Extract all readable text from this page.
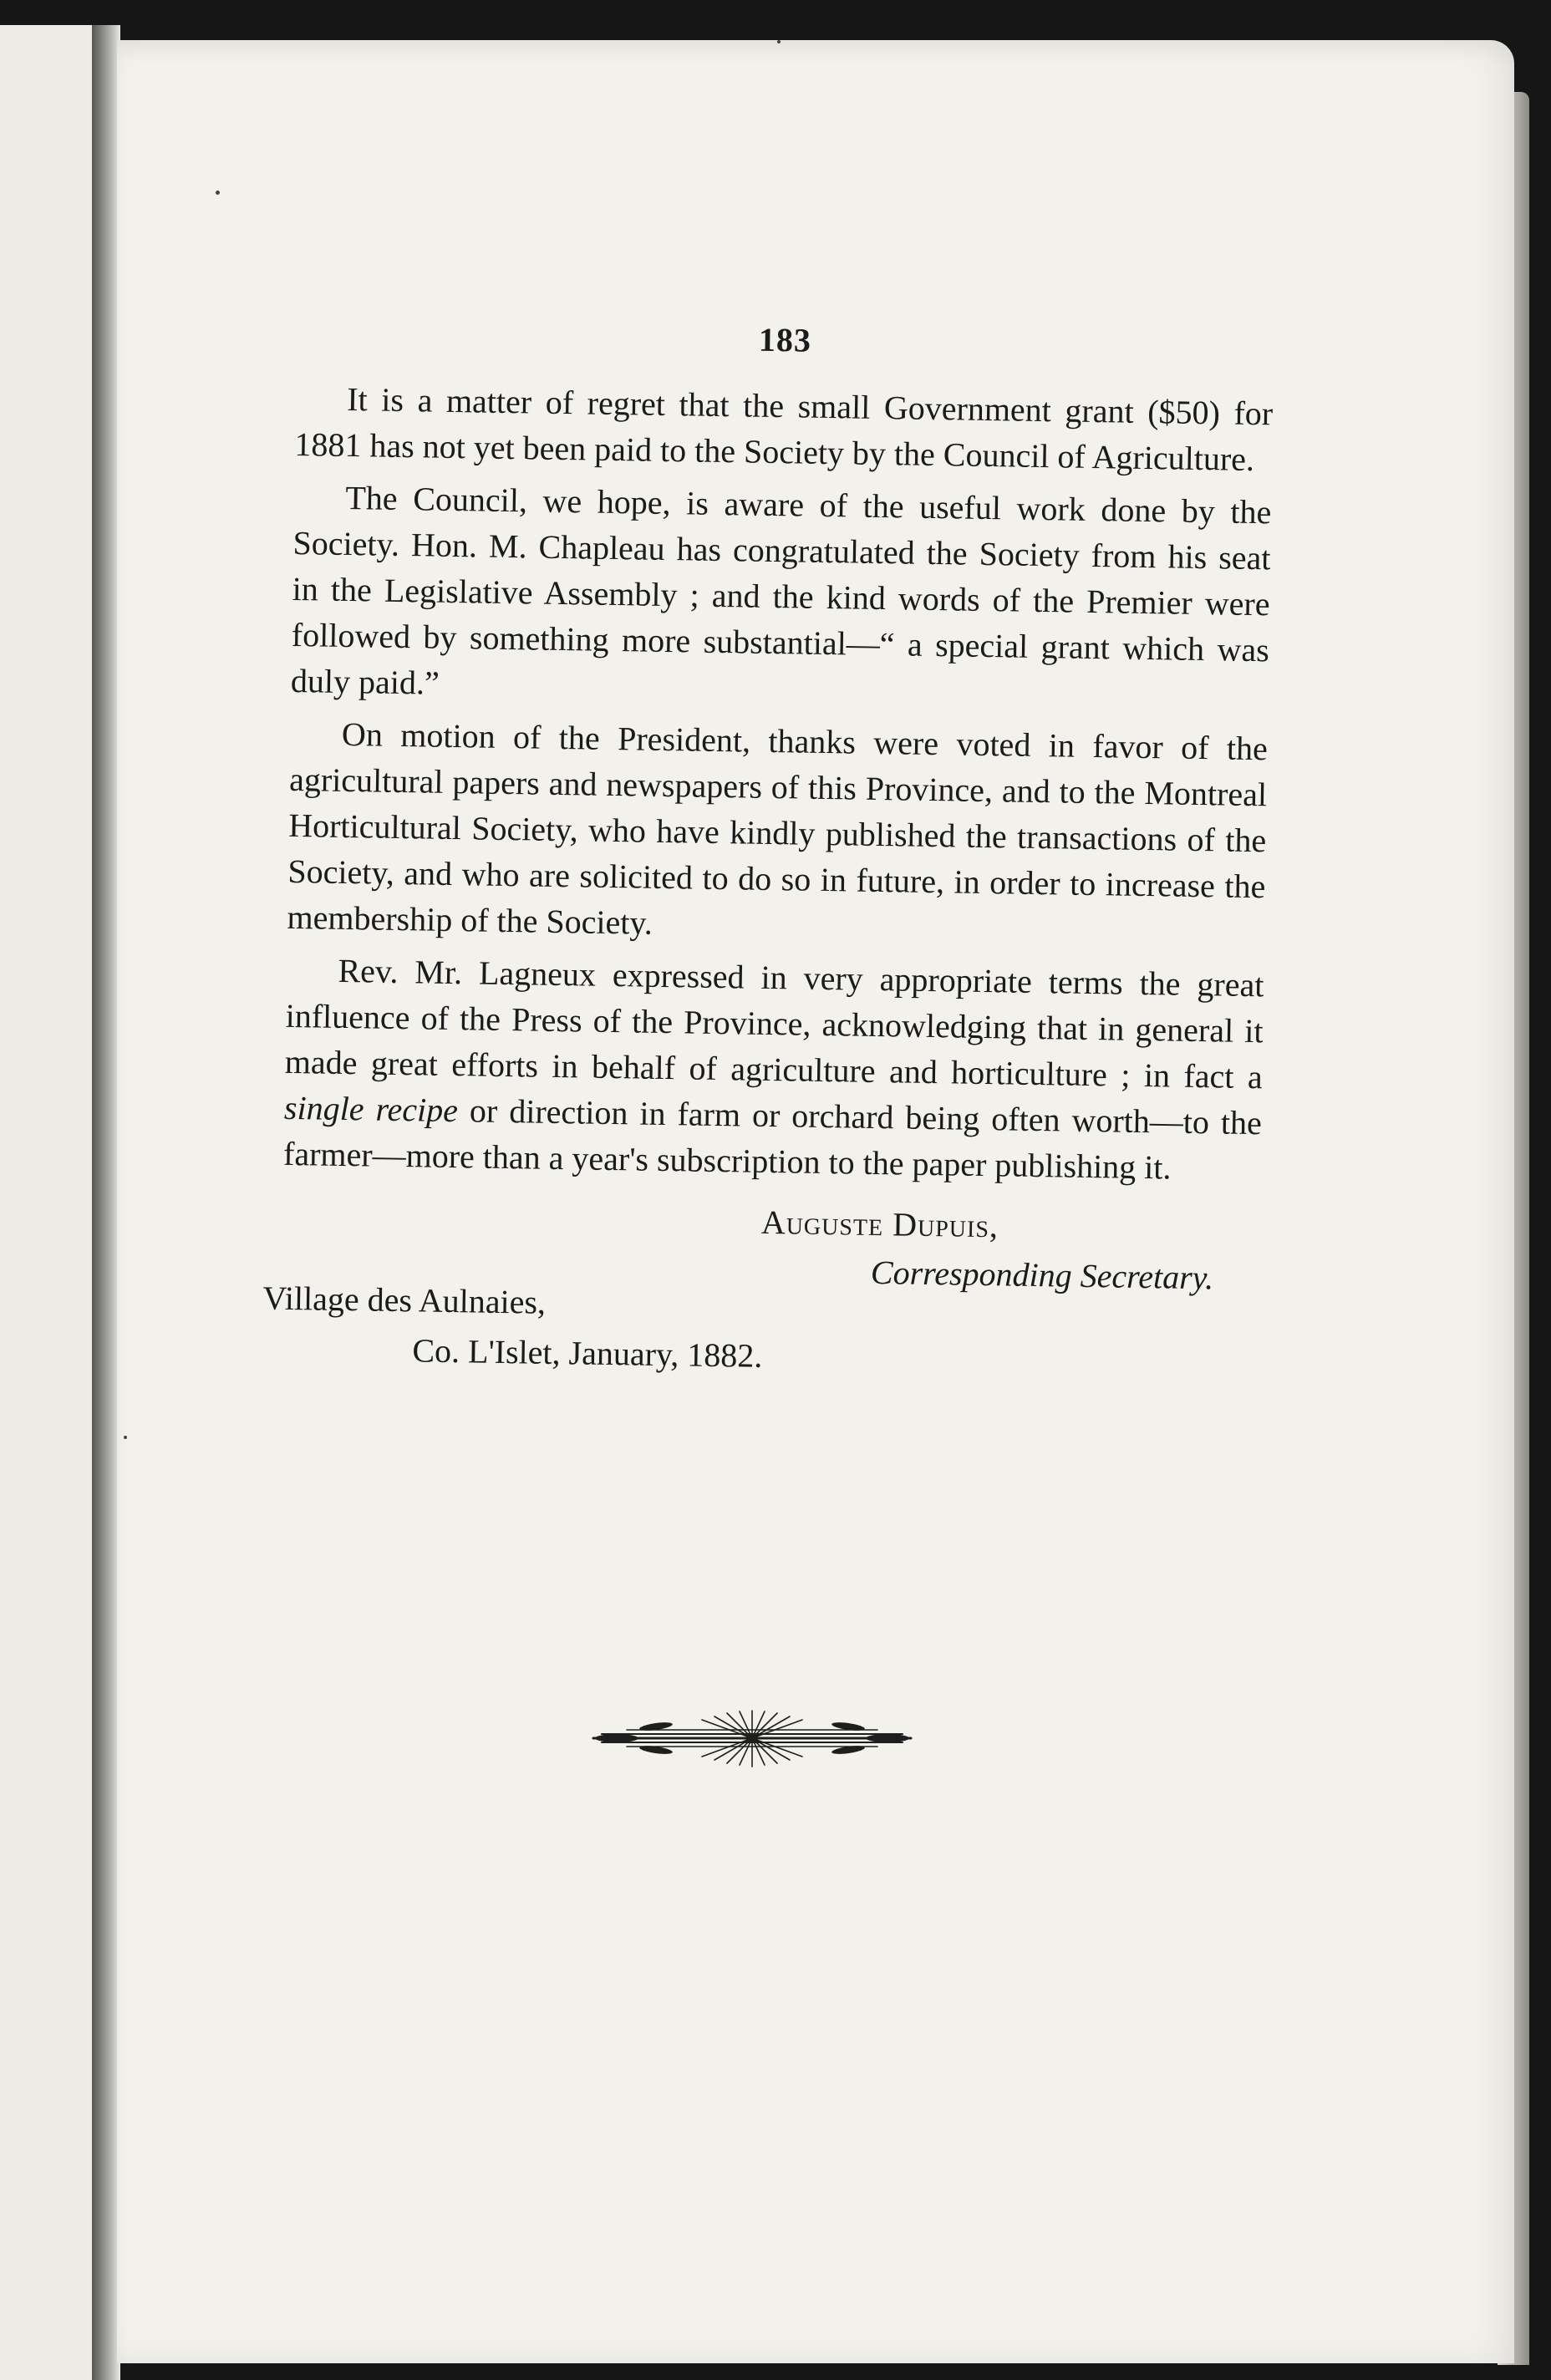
183

It is a matter of regret that the small Government grant ($50) for 1881 has not yet been paid to the Society by the Council of Agriculture.

The Council, we hope, is aware of the useful work done by the Society. Hon. M. Chapleau has congratulated the Society from his seat in the Legislative Assembly ; and the kind words of the Premier were followed by something more substantial—“ a special grant which was duly paid.”

On motion of the President, thanks were voted in favor of the agricultural papers and newspapers of this Province, and to the Montreal Horticultural Society, who have kindly published the transactions of the Society, and who are solicited to do so in future, in order to increase the membership of the Society.

Rev. Mr. Lagneux expressed in very appropriate terms the great influence of the Press of the Province, acknowledging that in general it made great efforts in behalf of agriculture and horticulture ; in fact a single recipe or direction in farm or orchard being often worth—to the farmer—more than a year's subscription to the paper publishing it.

Auguste Dupuis,
Corresponding Secretary.
Village des Aulnaies,
Co. L'Islet, January, 1882.
